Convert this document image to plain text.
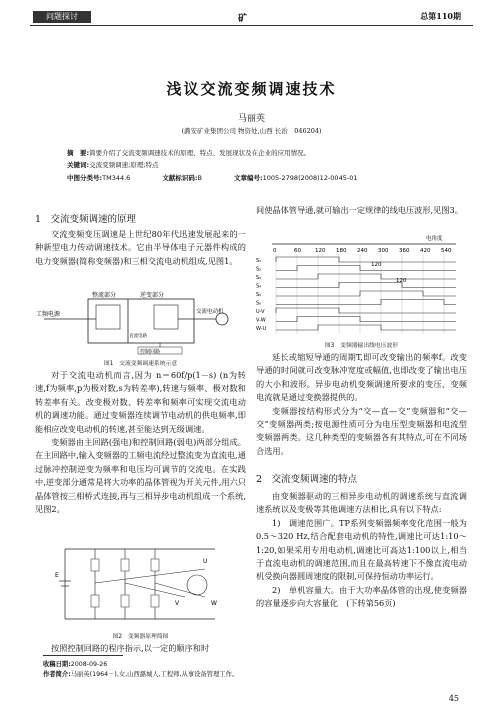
问题探讨	矿	总第110期
浅议交流变频调速技术
马丽英
(潞安矿业集团公司 物资处,山西 长治　046204)
摘　要:简要介绍了交流变频调速技术的原理、特点、发展现状及在企业的应用情况。
关键词:交流变频调速;原理;特点
中图分类号:TM344.6	文献标识码:B	文章编号:1005-2798(2008)12-0045-01
1　交流变频调速的原理

交流变频变压调速是上世纪80年代迅速发展起来的一种新型电力传动调速技术。它由半导体电子元器件构成的电力变频器(简称变频器)和三相交流电动机组成,见图1。

工频电源
整流部分	逆变部分
交流电动机
控制回路
直流电路
图1　交流变频调速系统示意

对于交流电动机而言,因为 n＝60f/p(1－s) (n为转速,f为频率,p为极对数,s为转差率),转速与频率、极对数和转差率有关。改变极对数、转差率和频率可实现交流电动机的调速功能。通过变频器连续调节电动机的供电频率,即能相应改变电动机的转速,甚至能达到无级调速。

变频器由主回路(强电)和控制回路(弱电)两部分组成。在主回路中,输入变频器的工频电流经过整流变为直流电,通过脉冲控制逆变为频率和电压均可调节的交流电。在实践中,逆变部分通常是将大功率的晶体管视为开关元件,用六只晶体管按三相桥式连接,再与三相异步电动机组成一个系统,见图2。

E
U
V	W
图2　变频器原理简图

按照控制回路的程序指示,以一定的顺序和时

间使晶体管导通,就可输出一定规律的线电压波形,见图3。

电角度
0	60	120 180 240 300 360 420 540
S₁
S₂
S₃
S₄
S₅
S₆
U-V
V-W
W-U
120
120
图3　变频器输出线电压波形

延长或缩短导通的周期T,即可改变输出的频率f。改变导通的时间就可改变脉冲宽度或幅值,也即改变了输出电压的大小和波形。异步电动机变频调速所要求的变压、变频电流就是通过变换器提供的。

变频器按结构形式分为“交—直—交”变频器和“交—交”变频器两类;按电源性质可分为电压型变频器和电流型变频器两类。这几种类型的变频器各有其特点,可在不同场合选用。

2　交流变频调速的特点

由变频器驱动的三相异步电动机的调速系统与直流调速系统以及变极等其他调速方法相比,具有以下特点:

1)　调速范围广。TP系列变频器频率变化范围一般为0.5～320 Hz,结合配套电动机的特性,调速比可达1:10～1:20,如果采用专用电动机,调速比可高达1:100以上,相当于直流电动机的调速范围,而且在最高转速下不像直流电动机受换向器圆周速度的限制,可保持恒动功率运行。

2)　单机容量大。由于大功率晶体管的出现,使变频器的容量逐步向大容量化　(下转第56页)

收稿日期:2008-09-26
作者简介:马丽英(1964－),女,山西潞城人,工程师,从事设备管理工作。
45
